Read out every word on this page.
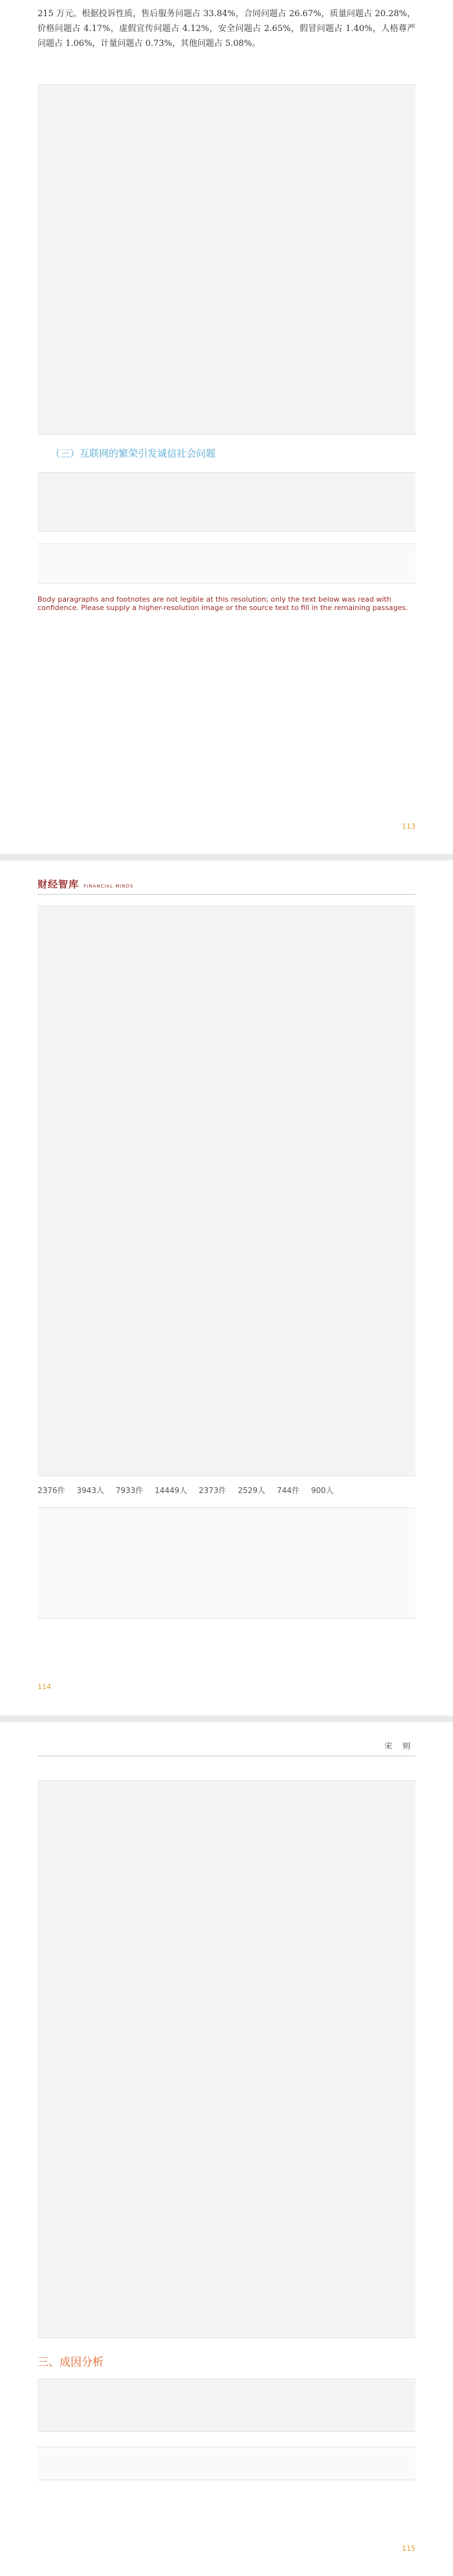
215 万元。根据投诉性质，售后服务问题占 33.84%，合同问题占 26.67%，质量问题占 20.28%，价格问题占 4.17%，虚假宣传问题占 4.12%，安全问题占 2.65%，假冒问题占 1.40%，人格尊严问题占 1.06%，计量问题占 0.73%，其他问题占 5.08%。
（三）互联网的繁荣引发诚信社会问题
Body paragraphs and footnotes are not legible at this resolution; only the text below was read with confidence. Please supply a higher-resolution image or the source text to fill in the remaining passages.
113
财经智库 FINANCIAL MINDS
2376件 3943人 7933件 14449人 2373件 2529人 744件 900人
114
宋 则
三、成因分析
115
